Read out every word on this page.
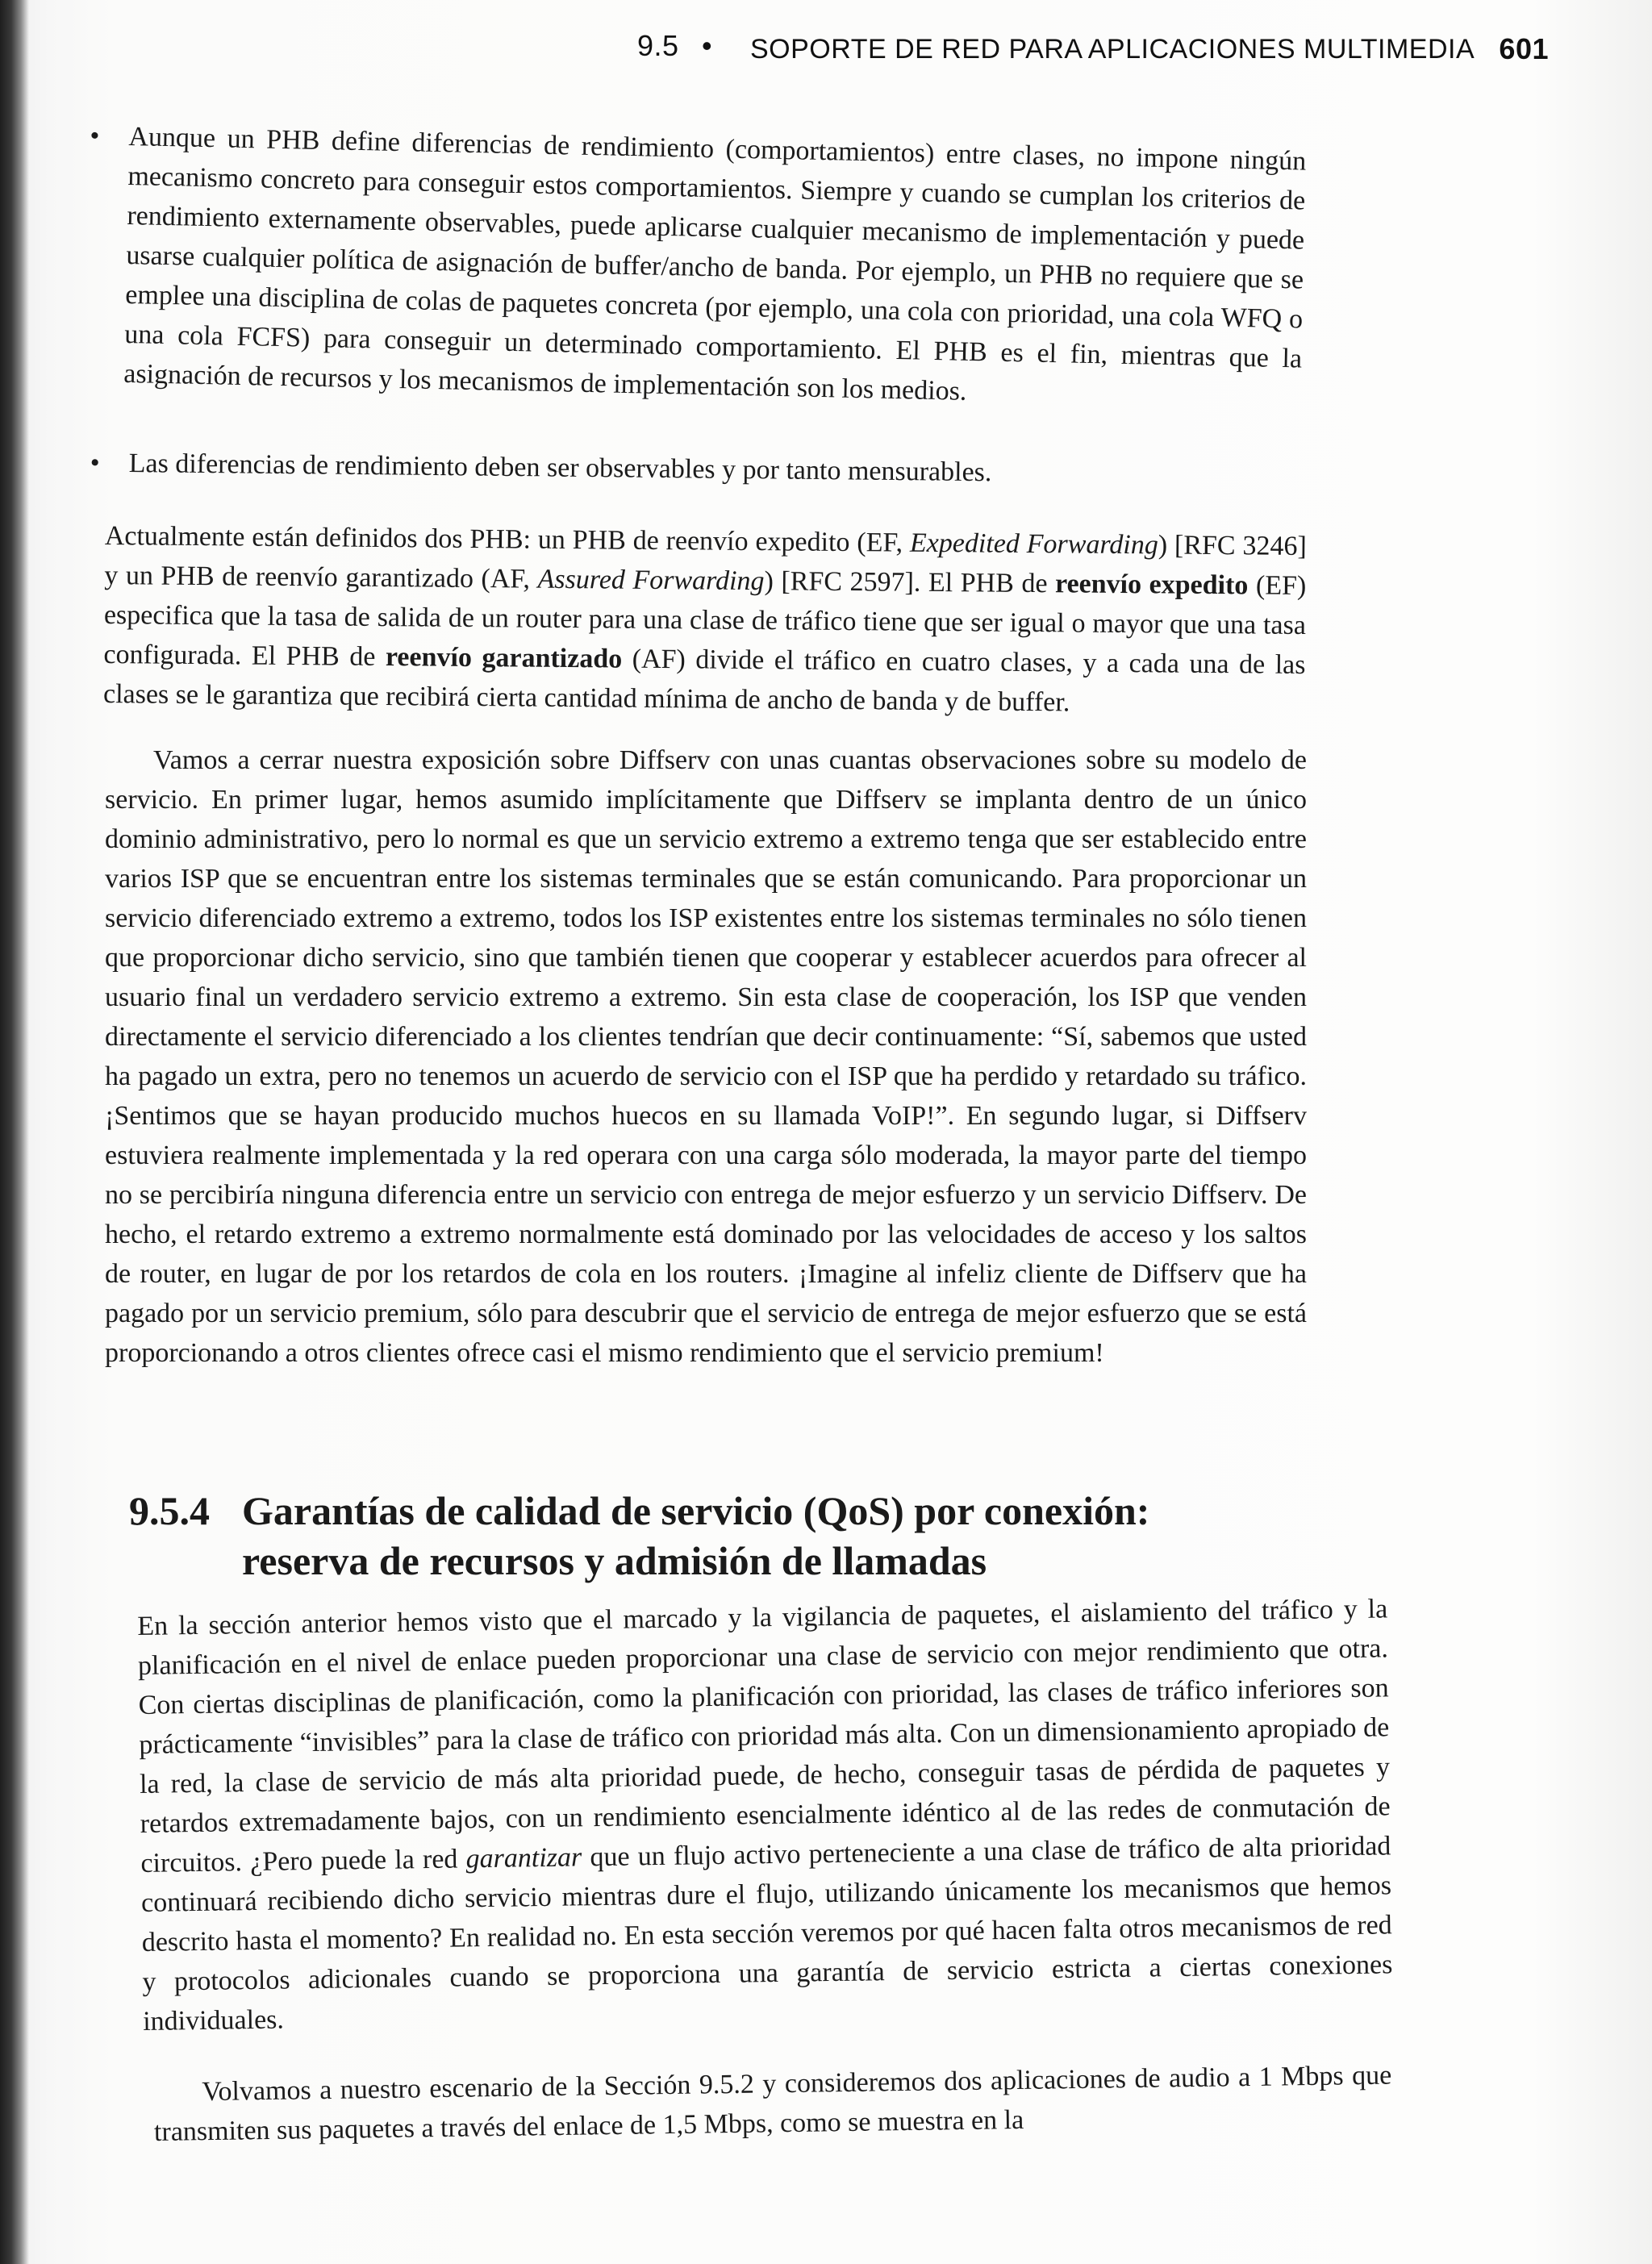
9.5 • SOPORTE DE RED PARA APLICACIONES MULTIMEDIA 601
• Aunque un PHB define diferencias de rendimiento (comportamientos) entre clases, no impone ningún mecanismo concreto para conseguir estos comportamientos. Siempre y cuando se cumplan los criterios de rendimiento externamente observables, puede aplicarse cualquier mecanismo de implementación y puede usarse cualquier política de asignación de buffer/ancho de banda. Por ejemplo, un PHB no requiere que se emplee una disciplina de colas de paquetes concreta (por ejemplo, una cola con prioridad, una cola WFQ o una cola FCFS) para conseguir un determinado comportamiento. El PHB es el fin, mientras que la asignación de recursos y los mecanismos de implementación son los medios.
• Las diferencias de rendimiento deben ser observables y por tanto mensurables.
Actualmente están definidos dos PHB: un PHB de reenvío expedito (EF, Expedited Forwarding) [RFC 3246] y un PHB de reenvío garantizado (AF, Assured Forwarding) [RFC 2597]. El PHB de reenvío expedito (EF) especifica que la tasa de salida de un router para una clase de tráfico tiene que ser igual o mayor que una tasa configurada. El PHB de reenvío garantizado (AF) divide el tráfico en cuatro clases, y a cada una de las clases se le garantiza que recibirá cierta cantidad mínima de ancho de banda y de buffer.
Vamos a cerrar nuestra exposición sobre Diffserv con unas cuantas observaciones sobre su modelo de servicio. En primer lugar, hemos asumido implícitamente que Diffserv se implanta dentro de un único dominio administrativo, pero lo normal es que un servicio extremo a extremo tenga que ser establecido entre varios ISP que se encuentran entre los sistemas terminales que se están comunicando. Para proporcionar un servicio diferenciado extremo a extremo, todos los ISP existentes entre los sistemas terminales no sólo tienen que proporcionar dicho servicio, sino que también tienen que cooperar y establecer acuerdos para ofrecer al usuario final un verdadero servicio extremo a extremo. Sin esta clase de cooperación, los ISP que venden directamente el servicio diferenciado a los clientes tendrían que decir continuamente: “Sí, sabemos que usted ha pagado un extra, pero no tenemos un acuerdo de servicio con el ISP que ha perdido y retardado su tráfico. ¡Sentimos que se hayan producido muchos huecos en su llamada VoIP!”. En segundo lugar, si Diffserv estuviera realmente implementada y la red operara con una carga sólo moderada, la mayor parte del tiempo no se percibiría ninguna diferencia entre un servicio con entrega de mejor esfuerzo y un servicio Diffserv. De hecho, el retardo extremo a extremo normalmente está dominado por las velocidades de acceso y los saltos de router, en lugar de por los retardos de cola en los routers. ¡Imagine al infeliz cliente de Diffserv que ha pagado por un servicio premium, sólo para descubrir que el servicio de entrega de mejor esfuerzo que se está proporcionando a otros clientes ofrece casi el mismo rendimiento que el servicio premium!
9.5.4 Garantías de calidad de servicio (QoS) por conexión:
reserva de recursos y admisión de llamadas
En la sección anterior hemos visto que el marcado y la vigilancia de paquetes, el aislamiento del tráfico y la planificación en el nivel de enlace pueden proporcionar una clase de servicio con mejor rendimiento que otra. Con ciertas disciplinas de planificación, como la planificación con prioridad, las clases de tráfico inferiores son prácticamente “invisibles” para la clase de tráfico con prioridad más alta. Con un dimensionamiento apropiado de la red, la clase de servicio de más alta prioridad puede, de hecho, conseguir tasas de pérdida de paquetes y retardos extremadamente bajos, con un rendimiento esencialmente idéntico al de las redes de conmutación de circuitos. ¿Pero puede la red garantizar que un flujo activo perteneciente a una clase de tráfico de alta prioridad continuará recibiendo dicho servicio mientras dure el flujo, utilizando únicamente los mecanismos que hemos descrito hasta el momento? En realidad no. En esta sección veremos por qué hacen falta otros mecanismos de red y protocolos adicionales cuando se proporciona una garantía de servicio estricta a ciertas conexiones individuales.
Volvamos a nuestro escenario de la Sección 9.5.2 y consideremos dos aplicaciones de audio a 1 Mbps que transmiten sus paquetes a través del enlace de 1,5 Mbps, como se muestra en la
